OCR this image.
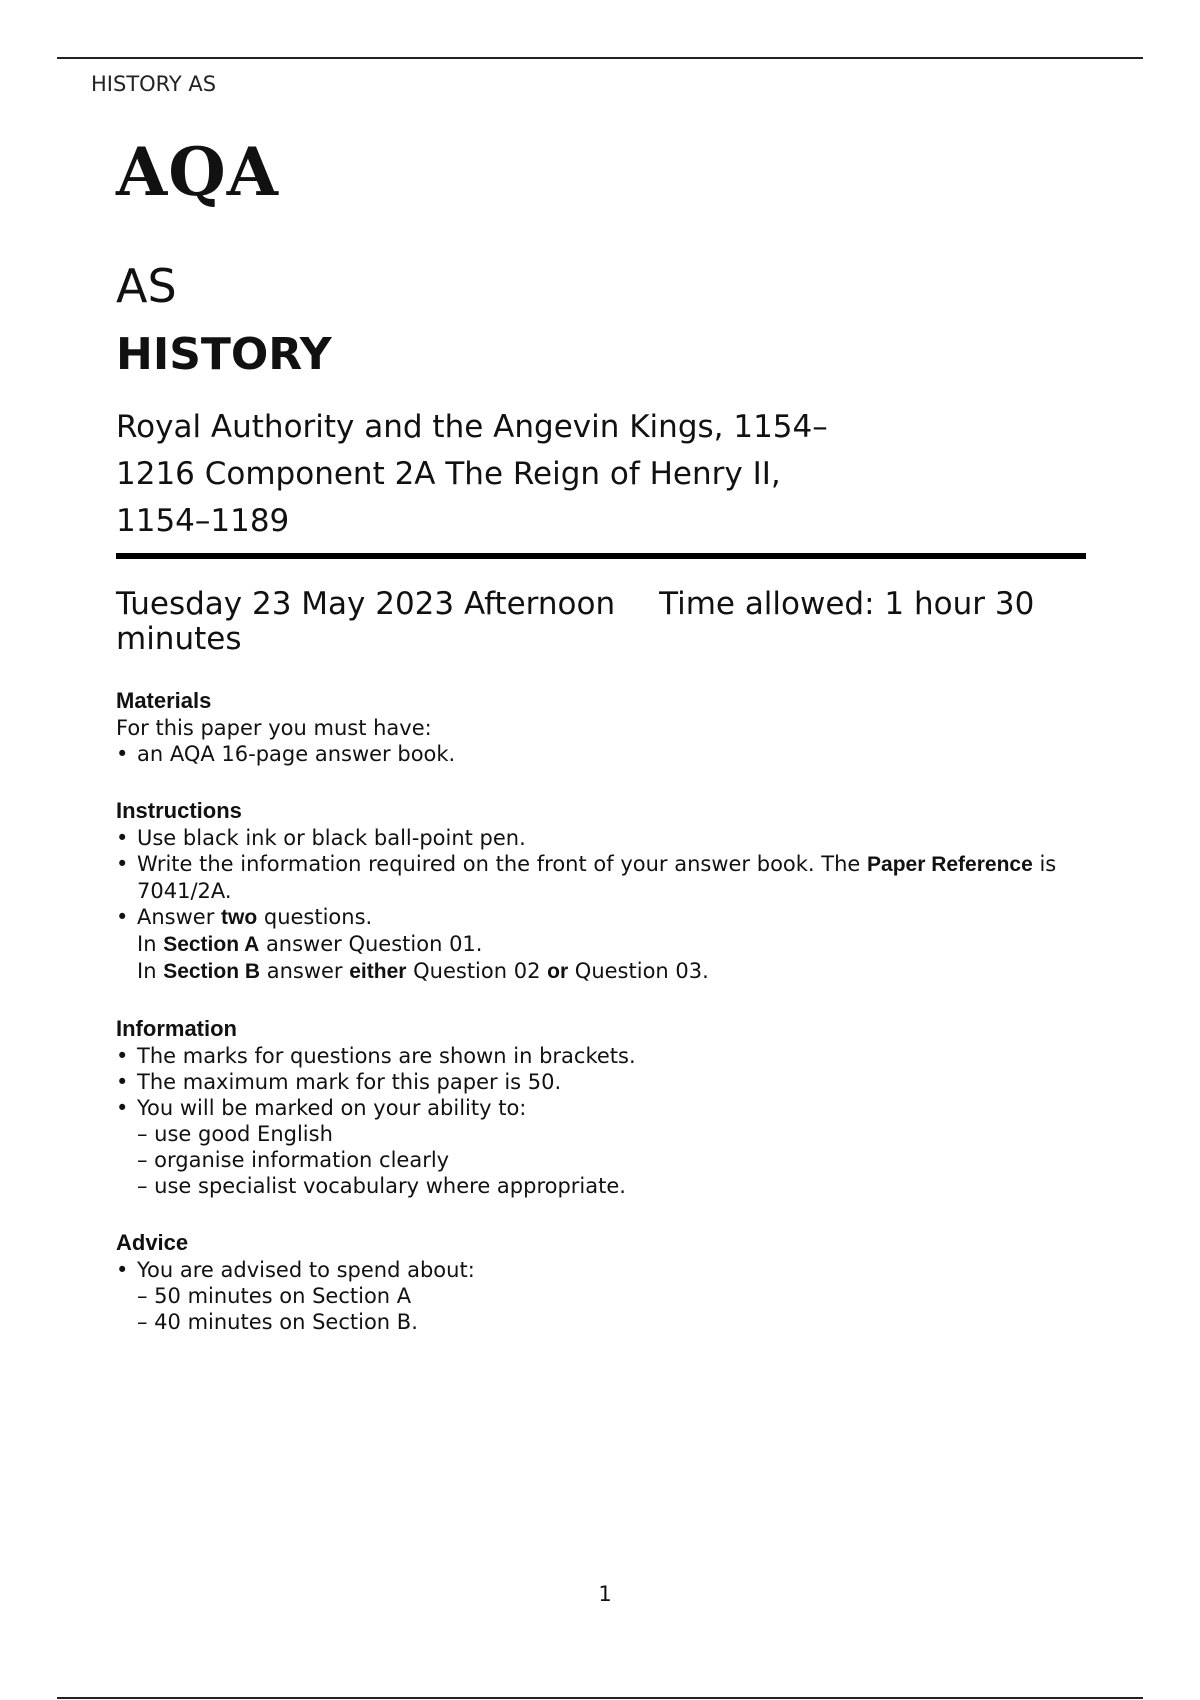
HISTORY AS
AQA
AS
HISTORY
Royal Authority and the Angevin Kings, 1154–1216 Component 2A The Reign of Henry II, 1154–1189
Tuesday 23 May 2023 Afternoon Time allowed: 1 hour 30 minutes
Materials
For this paper you must have:
• an AQA 16-page answer book.
Instructions
• Use black ink or black ball-point pen.
• Write the information required on the front of your answer book. The Paper Reference is 7041/2A.
• Answer two questions.
In Section A answer Question 01.
In Section B answer either Question 02 or Question 03.
Information
• The marks for questions are shown in brackets.
• The maximum mark for this paper is 50.
• You will be marked on your ability to:
– use good English
– organise information clearly
– use specialist vocabulary where appropriate.
Advice
• You are advised to spend about:
– 50 minutes on Section A
– 40 minutes on Section B.
1
